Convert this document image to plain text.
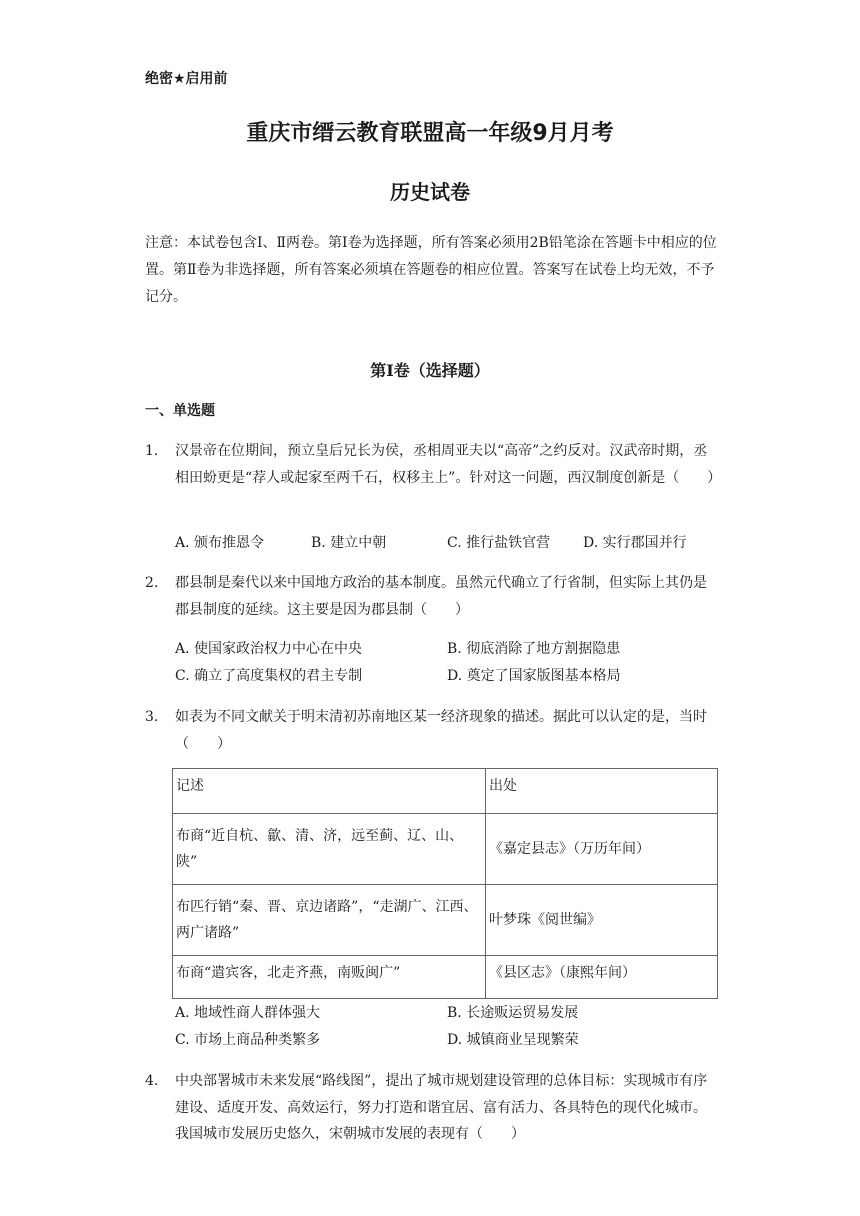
绝密★启用前
重庆市缙云教育联盟高一年级9月月考
历史试卷
注意：本试卷包含Ⅰ、Ⅱ两卷。第Ⅰ卷为选择题，所有答案必须用2B铅笔涂在答题卡中相应的位置。第Ⅱ卷为非选择题，所有答案必须填在答题卷的相应位置。答案写在试卷上均无效，不予记分。
第Ⅰ卷（选择题）
一、单选题
1. 汉景帝在位期间，预立皇后兄长为侯，丞相周亚夫以“高帝”之约反对。汉武帝时期，丞相田蚡更是“荐人或起家至两千石，权移主上”。针对这一问题，西汉制度创新是（　　）
A. 颁布推恩令	B. 建立中朝	C. 推行盐铁官营 D. 实行郡国并行
2. 郡县制是秦代以来中国地方政治的基本制度。虽然元代确立了行省制，但实际上其仍是郡县制度的延续。这主要是因为郡县制（　　）
A. 使国家政治权力中心在中央	B. 彻底消除了地方割据隐患
C. 确立了高度集权的君主专制	D. 奠定了国家版图基本格局
3. 如表为不同文献关于明末清初苏南地区某一经济现象的描述。据此可以认定的是，当时（　　）
记述	出处
布商“近自杭、歙、清、济，远至蓟、辽、山、陕”	《嘉定县志》（万历年间）
布匹行销“秦、晋、京边诸路”，“走湖广、江西、两广诸路”	叶梦珠《阅世编》
布商“遣宾客，北走齐燕，南贩闽广”	《县区志》（康熙年间）
A. 地域性商人群体强大	B. 长途贩运贸易发展
C. 市场上商品种类繁多	D. 城镇商业呈现繁荣
4. 中央部署城市未来发展“路线图”，提出了城市规划建设管理的总体目标：实现城市有序建设、适度开发、高效运行，努力打造和谐宜居、富有活力、各具特色的现代化城市。我国城市发展历史悠久，宋朝城市发展的表现有（　　）
